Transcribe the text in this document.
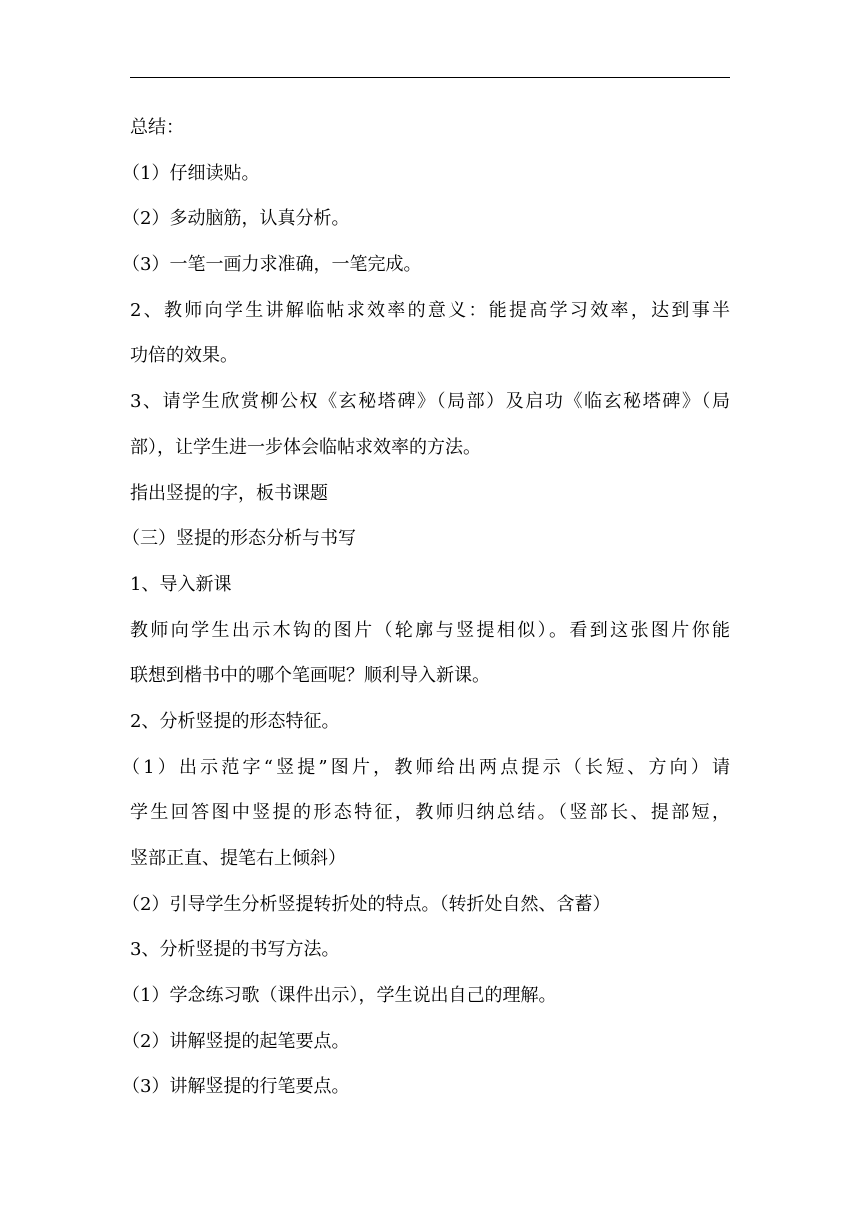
总结：
（1）仔细读贴。
（2）多动脑筋，认真分析。
（3）一笔一画力求准确，一笔完成。
2、教师向学生讲解临帖求效率的意义：能提高学习效率，达到事半
功倍的效果。
3、请学生欣赏柳公权《玄秘塔碑》（局部）及启功《临玄秘塔碑》（局
部），让学生进一步体会临帖求效率的方法。
指出竖提的字，板书课题
（三）竖提的形态分析与书写
1、导入新课
教师向学生出示木钩的图片（轮廓与竖提相似）。看到这张图片你能
联想到楷书中的哪个笔画呢？顺利导入新课。
2、分析竖提的形态特征。
（1）出示范字“竖提”图片，教师给出两点提示（长短、方向）请
学生回答图中竖提的形态特征，教师归纳总结。（竖部长、提部短，
竖部正直、提笔右上倾斜）
（2）引导学生分析竖提转折处的特点。（转折处自然、含蓄）
3、分析竖提的书写方法。
（1）学念练习歌（课件出示），学生说出自己的理解。
（2）讲解竖提的起笔要点。
（3）讲解竖提的行笔要点。
